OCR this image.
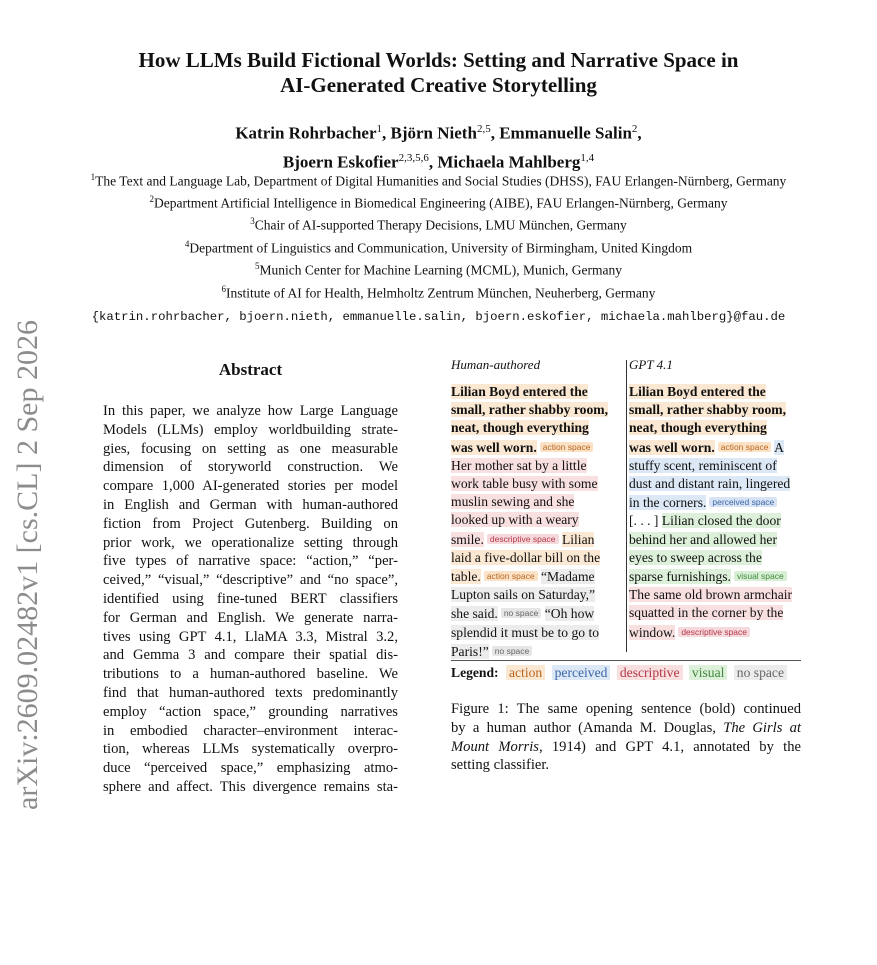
arXiv:2609.02482v1 [cs.CL] 2 Sep 2026
How LLMs Build Fictional Worlds: Setting and Narrative Space in
AI-Generated Creative Storytelling
Katrin Rohrbacher$^1$, Björn Nieth$^{2,5}$, Emmanuelle Salin$^2$,
Bjoern Eskofier$^{2,3,5,6}$, Michaela Mahlberg$^{1,4}$
$^1$The Text and Language Lab, Department of Digital Humanities and Social Studies (DHSS), FAU Erlangen-Nürnberg, Germany
$^2$Department Artificial Intelligence in Biomedical Engineering (AIBE), FAU Erlangen-Nürnberg, Germany
$^3$Chair of AI-supported Therapy Decisions, LMU München, Germany
$^4$Department of Linguistics and Communication, University of Birmingham, United Kingdom
$^5$Munich Center for Machine Learning (MCML), Munich, Germany
$^6$Institute of AI for Health, Helmholtz Zentrum München, Neuherberg, Germany
{katrin.rohrbacher, bjoern.nieth, emmanuelle.salin, bjoern.eskofier, michaela.mahlberg}@fau.de
Abstract
In this paper, we analyze how Large Language
Models (LLMs) employ worldbuilding strate-
gies, focusing on setting as one measurable
dimension of storyworld construction. We
compare 1,000 AI-generated stories per model
in English and German with human-authored
fiction from Project Gutenberg. Building on
prior work, we operationalize setting through
five types of narrative space: “action,” “per-
ceived,” “visual,” “descriptive” and “no space”,
identified using fine-tuned BERT classifiers
for German and English. We generate narra-
tives using GPT 4.1, LlaMA 3.3, Mistral 3.2,
and Gemma 3 and compare their spatial dis-
tributions to a human-authored baseline. We
find that human-authored texts predominantly
employ “action space,” grounding narratives
in embodied character–environment interac-
tion, whereas LLMs systematically overpro-
duce “perceived space,” emphasizing atmo-
sphere and affect. This divergence remains sta-
Human-authored	GPT 4.1
Lilian Boyd entered the
small, rather shabby room,
neat, though everything
was well worn. action space
Her mother sat by a little
work table busy with some
muslin sewing and she
looked up with a weary
smile. descriptive space Lilian
laid a five-dollar bill on the
table. action space “Madame
Lupton sails on Saturday,”
she said. no space “Oh how
splendid it must be to go to
Paris!” no space
Lilian Boyd entered the
small, rather shabby room,
neat, though everything
was well worn. action space A
stuffy scent, reminiscent of
dust and distant rain, lingered
in the corners. perceived space
[. . . ] Lilian closed the door
behind her and allowed her
eyes to sweep across the
sparse furnishings. visual space
The same old brown armchair
squatted in the corner by the
window. descriptive space
Legend: action perceived descriptive visual no space
Figure 1: The same opening sentence (bold) continued
by a human author (Amanda M. Douglas, The Girls at
Mount Morris, 1914) and GPT 4.1, annotated by the
setting classifier.
